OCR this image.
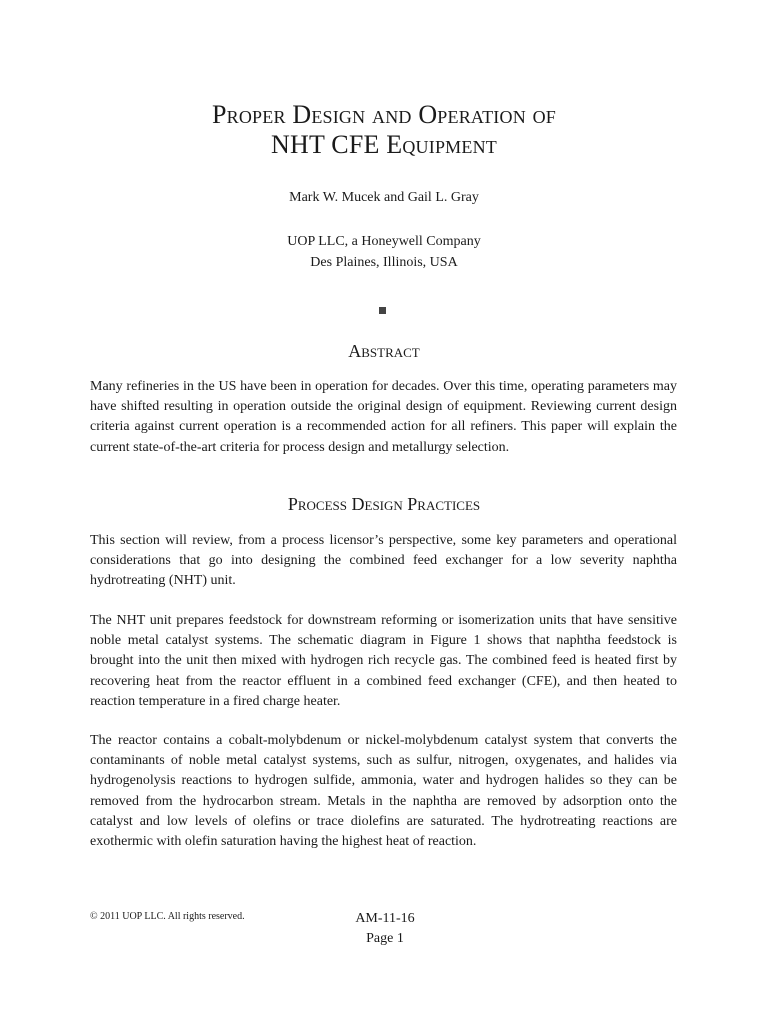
Proper Design and Operation of
NHT CFE Equipment
Mark W. Mucek and Gail L. Gray
UOP LLC, a Honeywell Company
Des Plaines, Illinois, USA
Abstract
Many refineries in the US have been in operation for decades. Over this time, operating parameters may have shifted resulting in operation outside the original design of equipment. Reviewing current design criteria against current operation is a recommended action for all refiners. This paper will explain the current state-of-the-art criteria for process design and metallurgy selection.
Process Design Practices
This section will review, from a process licensor’s perspective, some key parameters and operational considerations that go into designing the combined feed exchanger for a low severity naphtha hydrotreating (NHT) unit.
The NHT unit prepares feedstock for downstream reforming or isomerization units that have sensitive noble metal catalyst systems. The schematic diagram in Figure 1 shows that naphtha feedstock is brought into the unit then mixed with hydrogen rich recycle gas. The combined feed is heated first by recovering heat from the reactor effluent in a combined feed exchanger (CFE), and then heated to reaction temperature in a fired charge heater.
The reactor contains a cobalt-molybdenum or nickel-molybdenum catalyst system that converts the contaminants of noble metal catalyst systems, such as sulfur, nitrogen, oxygenates, and halides via hydrogenolysis reactions to hydrogen sulfide, ammonia, water and hydrogen halides so they can be removed from the hydrocarbon stream. Metals in the naphtha are removed by adsorption onto the catalyst and low levels of olefins or trace diolefins are saturated. The hydrotreating reactions are exothermic with olefin saturation having the highest heat of reaction.
© 2011 UOP LLC. All rights reserved.	AM-11-16
Page 1
